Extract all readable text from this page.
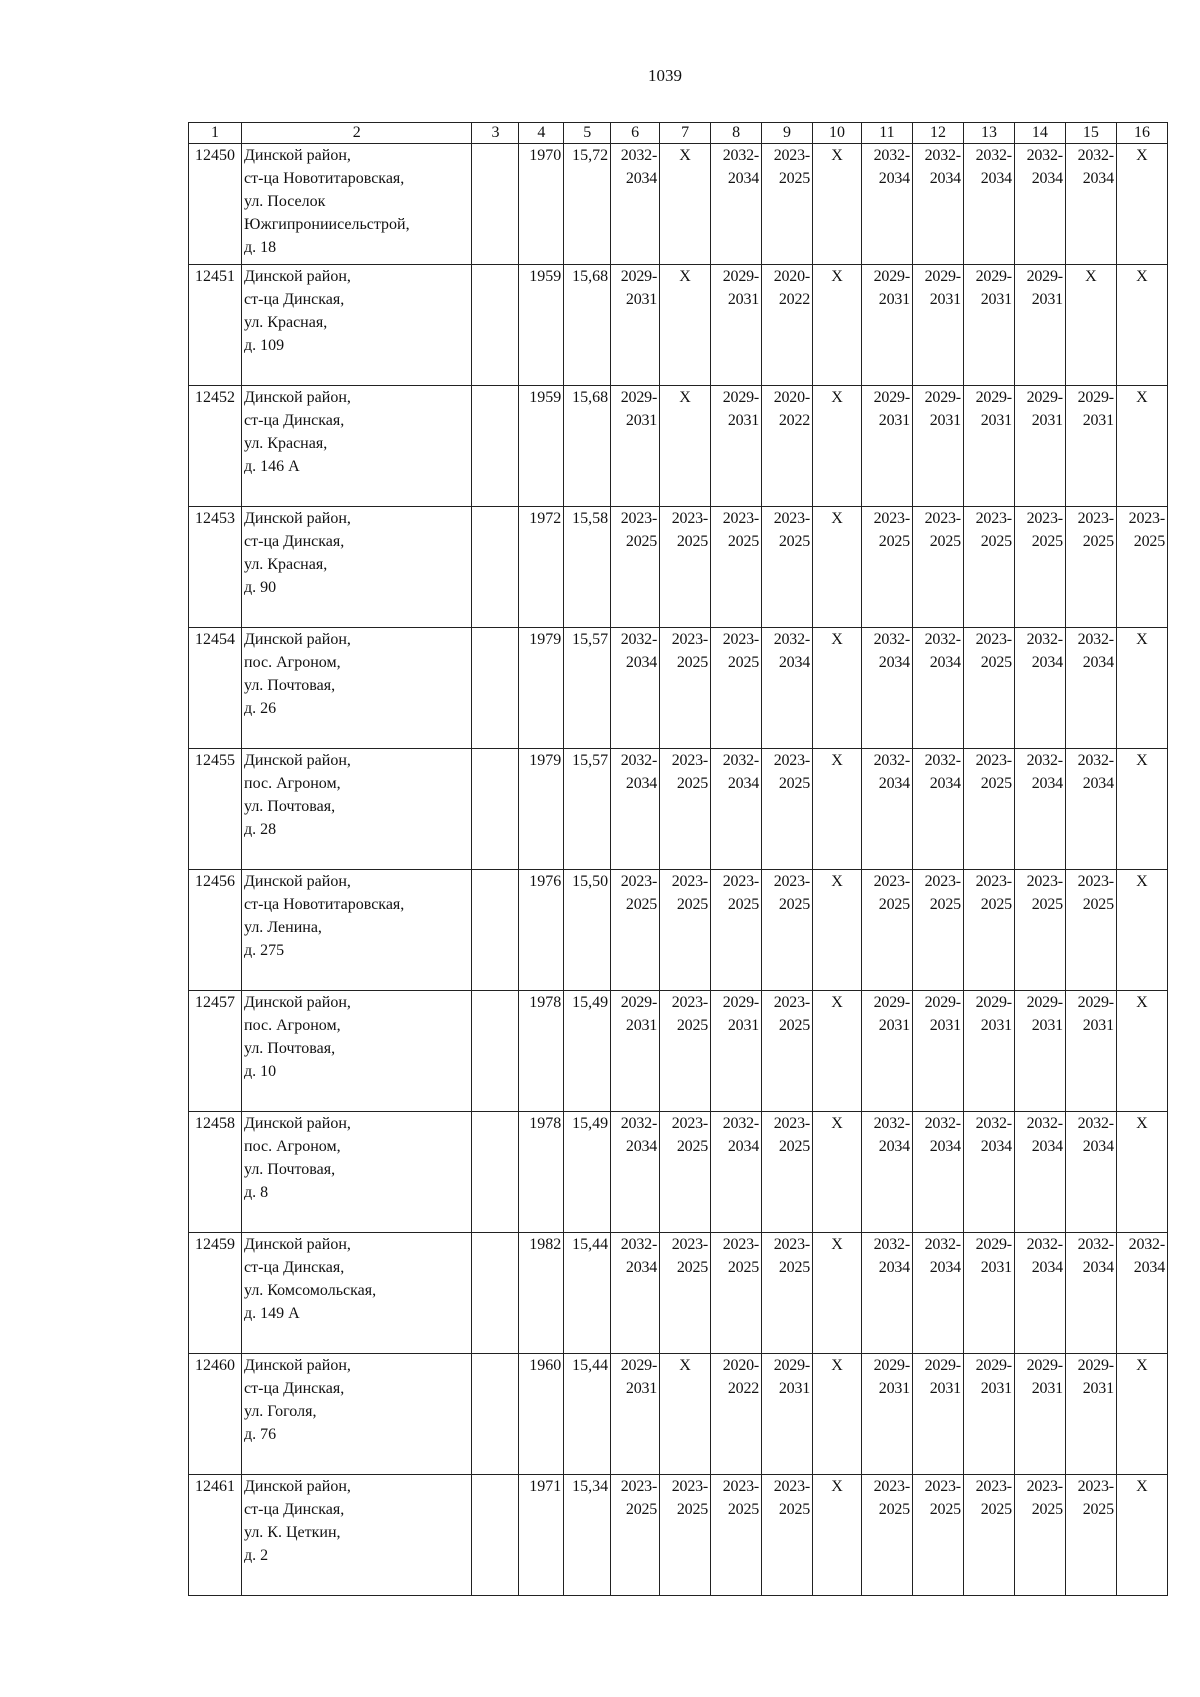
1039
1	2	3	4	5	6	7	8	9	10	11	12	13	14	15	16
12450	Динской район,
ст-ца Новотитаровская,
ул. Поселок
Южгипрониисельстрой,
д. 18		1970	15,72	2032-
2034	Х	2032-
2034	2023-
2025	Х	2032-
2034	2032-
2034	2032-
2034	2032-
2034	2032-
2034	Х
12451	Динской район,
ст-ца Динская,
ул. Красная,
д. 109		1959	15,68	2029-
2031	Х	2029-
2031	2020-
2022	Х	2029-
2031	2029-
2031	2029-
2031	2029-
2031	Х	Х
12452	Динской район,
ст-ца Динская,
ул. Красная,
д. 146 А		1959	15,68	2029-
2031	Х	2029-
2031	2020-
2022	Х	2029-
2031	2029-
2031	2029-
2031	2029-
2031	2029-
2031	Х
12453	Динской район,
ст-ца Динская,
ул. Красная,
д. 90		1972	15,58	2023-
2025	2023-
2025	2023-
2025	2023-
2025	Х	2023-
2025	2023-
2025	2023-
2025	2023-
2025	2023-
2025	2023-
2025
12454	Динской район,
пос. Агроном,
ул. Почтовая,
д. 26		1979	15,57	2032-
2034	2023-
2025	2023-
2025	2032-
2034	Х	2032-
2034	2032-
2034	2023-
2025	2032-
2034	2032-
2034	Х
12455	Динской район,
пос. Агроном,
ул. Почтовая,
д. 28		1979	15,57	2032-
2034	2023-
2025	2032-
2034	2023-
2025	Х	2032-
2034	2032-
2034	2023-
2025	2032-
2034	2032-
2034	Х
12456	Динской район,
ст-ца Новотитаровская,
ул. Ленина,
д. 275		1976	15,50	2023-
2025	2023-
2025	2023-
2025	2023-
2025	Х	2023-
2025	2023-
2025	2023-
2025	2023-
2025	2023-
2025	Х
12457	Динской район,
пос. Агроном,
ул. Почтовая,
д. 10		1978	15,49	2029-
2031	2023-
2025	2029-
2031	2023-
2025	Х	2029-
2031	2029-
2031	2029-
2031	2029-
2031	2029-
2031	Х
12458	Динской район,
пос. Агроном,
ул. Почтовая,
д. 8		1978	15,49	2032-
2034	2023-
2025	2032-
2034	2023-
2025	Х	2032-
2034	2032-
2034	2032-
2034	2032-
2034	2032-
2034	Х
12459	Динской район,
ст-ца Динская,
ул. Комсомольская,
д. 149 А		1982	15,44	2032-
2034	2023-
2025	2023-
2025	2023-
2025	Х	2032-
2034	2032-
2034	2029-
2031	2032-
2034	2032-
2034	2032-
2034
12460	Динской район,
ст-ца Динская,
ул. Гоголя,
д. 76		1960	15,44	2029-
2031	Х	2020-
2022	2029-
2031	Х	2029-
2031	2029-
2031	2029-
2031	2029-
2031	2029-
2031	Х
12461	Динской район,
ст-ца Динская,
ул. К. Цеткин,
д. 2		1971	15,34	2023-
2025	2023-
2025	2023-
2025	2023-
2025	Х	2023-
2025	2023-
2025	2023-
2025	2023-
2025	2023-
2025	Х
